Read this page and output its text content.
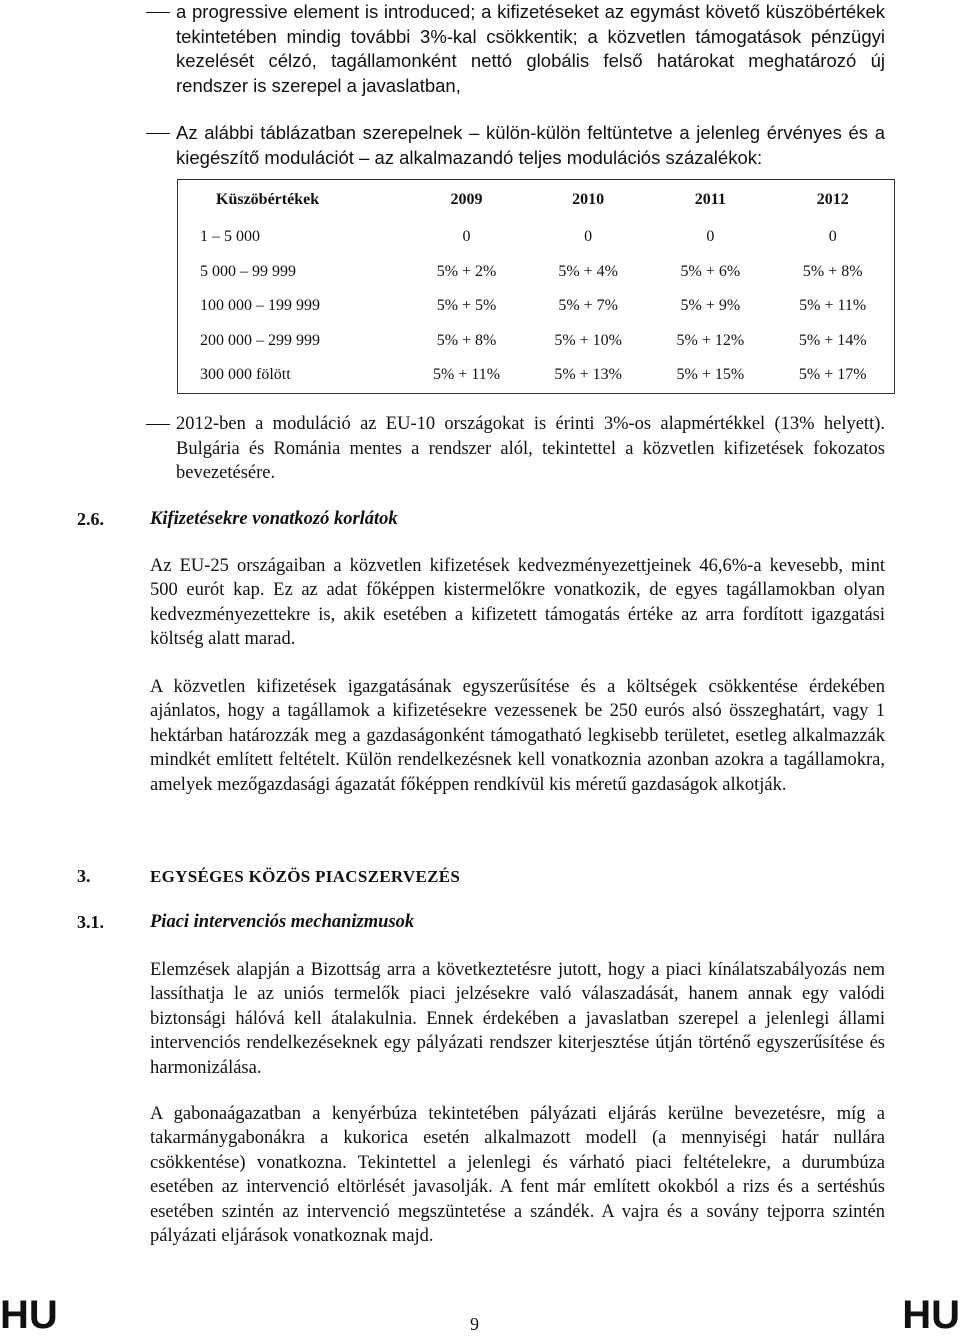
a progressive element is introduced; a kifizetéseket az egymást követő küszöbértékek tekintetében mindig további 3%-kal csökkentik; a közvetlen támogatások pénzügyi kezelését célzó, tagállamonként nettó globális felső határokat meghatározó új rendszer is szerepel a javaslatban,

Az alábbi táblázatban szerepelnek – külön-külön feltüntetve a jelenleg érvényes és a kiegészítő modulációt – az alkalmazandó teljes modulációs százalékok:

Küszöbértékek	2009	2010	2011	2012
1 – 5 000	0	0	0	0
5 000 – 99 999	5% + 2%	5% + 4%	5% + 6%	5% + 8%
100 000 – 199 999	5% + 5%	5% + 7%	5% + 9%	5% + 11%
200 000 – 299 999	5% + 8%	5% + 10%	5% + 12%	5% + 14%
300 000 fölött	5% + 11%	5% + 13%	5% + 15%	5% + 17%

2012-ben a moduláció az EU-10 országokat is érinti 3%-os alapmértékkel (13% helyett). Bulgária és Románia mentes a rendszer alól, tekintettel a közvetlen kifizetések fokozatos bevezetésére.

2.6. Kifizetésekre vonatkozó korlátok

Az EU-25 országaiban a közvetlen kifizetések kedvezményezettjeinek 46,6%-a kevesebb, mint 500 eurót kap. Ez az adat főképpen kistermelőkre vonatkozik, de egyes tagállamokban olyan kedvezményezettekre is, akik esetében a kifizetett támogatás értéke az arra fordított igazgatási költség alatt marad.

A közvetlen kifizetések igazgatásának egyszerűsítése és a költségek csökkentése érdekében ajánlatos, hogy a tagállamok a kifizetésekre vezessenek be 250 eurós alsó összeghatárt, vagy 1 hektárban határozzák meg a gazdaságonként támogatható legkisebb területet, esetleg alkalmazzák mindkét említett feltételt. Külön rendelkezésnek kell vonatkoznia azonban azokra a tagállamokra, amelyek mezőgazdasági ágazatát főképpen rendkívül kis méretű gazdaságok alkotják.

3.	EGYSÉGES KÖZÖS PIACSZERVEZÉS
3.1. Piaci intervenciós mechanizmusok

Elemzések alapján a Bizottság arra a következtetésre jutott, hogy a piaci kínálatszabályozás nem lassíthatja le az uniós termelők piaci jelzésekre való válaszadását, hanem annak egy valódi biztonsági hálóvá kell átalakulnia. Ennek érdekében a javaslatban szerepel a jelenlegi állami intervenciós rendelkezéseknek egy pályázati rendszer kiterjesztése útján történő egyszerűsítése és harmonizálása.

A gabonaágazatban a kenyérbúza tekintetében pályázati eljárás kerülne bevezetésre, míg a takarmánygabonákra a kukorica esetén alkalmazott modell (a mennyiségi határ nullára csökkentése) vonatkozna. Tekintettel a jelenlegi és várható piaci feltételekre, a durumbúza esetében az intervenció eltörlését javasolják. A fent már említett okokból a rizs és a sertéshús esetében szintén az intervenció megszüntetése a szándék. A vajra és a sovány tejporra szintén pályázati eljárások vonatkoznak majd.

HU	9	HU
